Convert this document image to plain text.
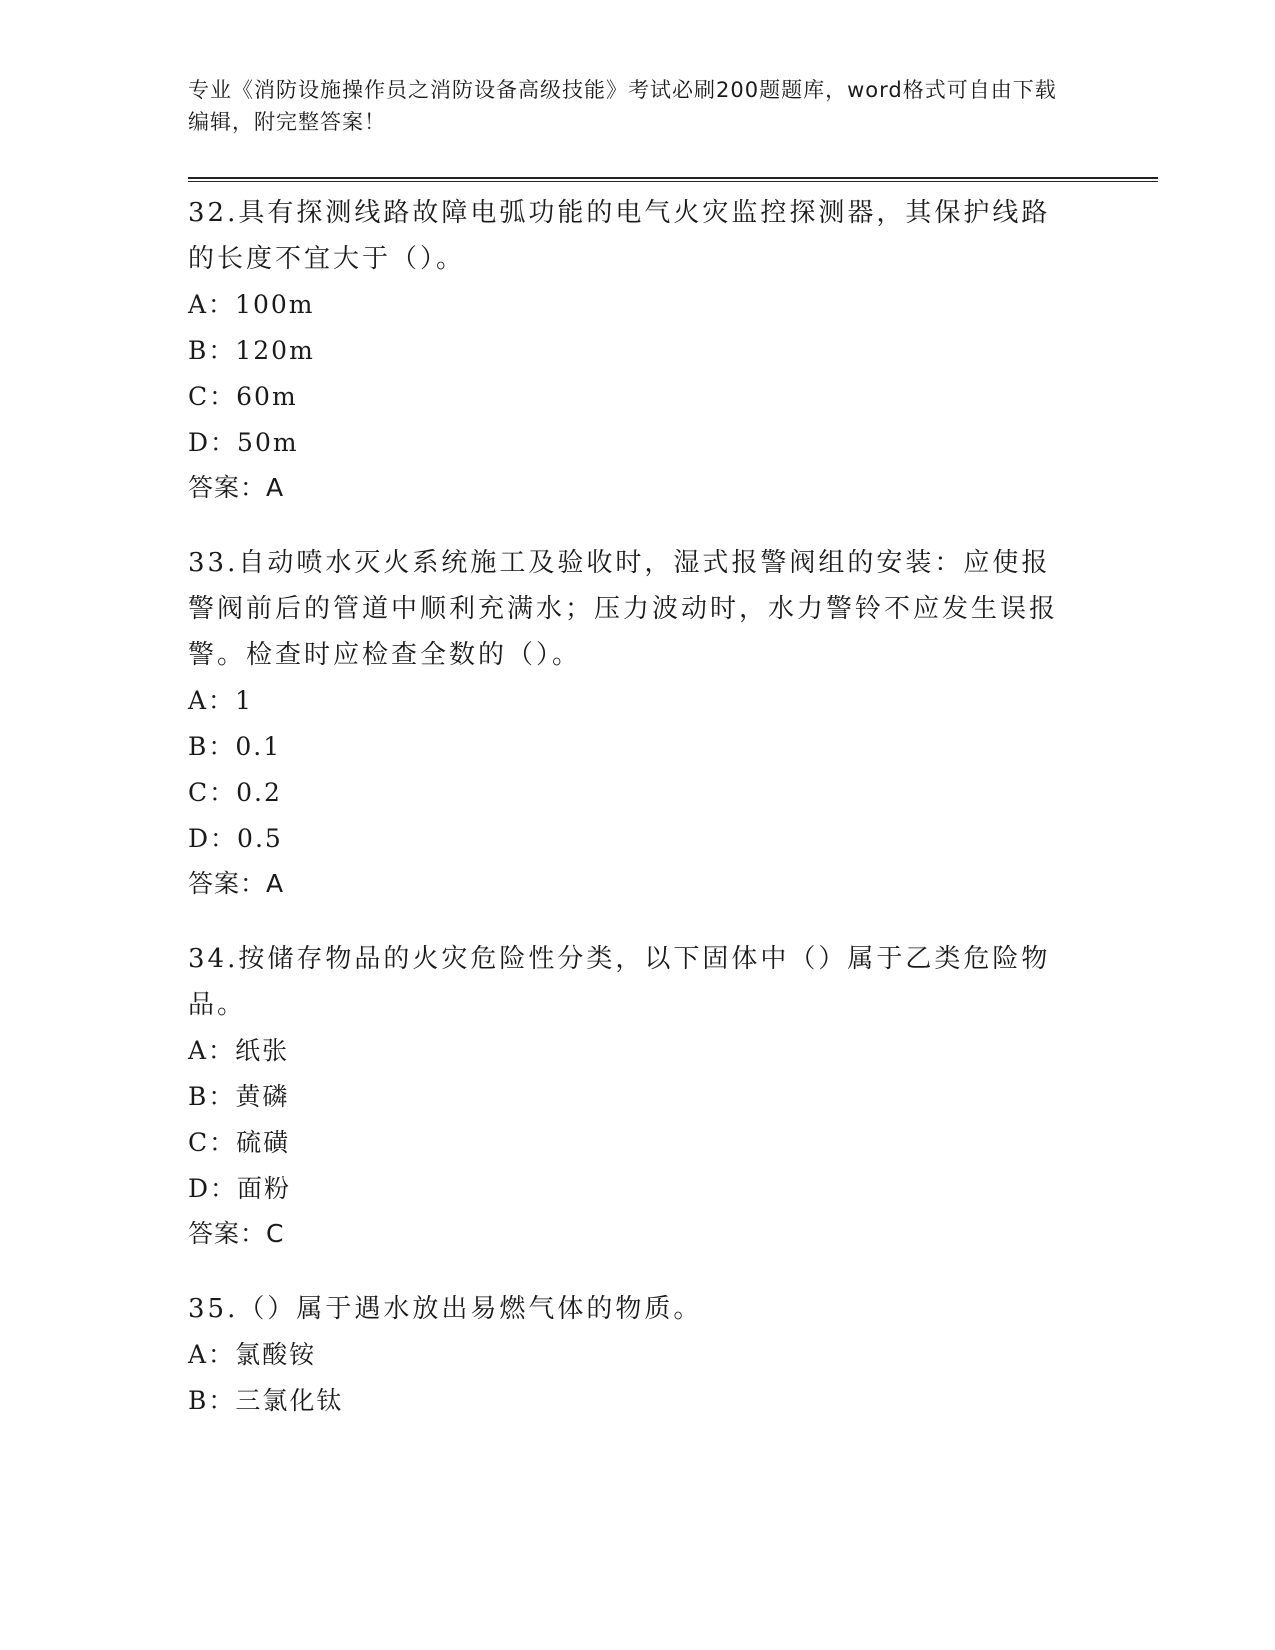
专业《消防设施操作员之消防设备高级技能》考试必刷200题题库，word格式可自由下载编辑，附完整答案！
32.具有探测线路故障电弧功能的电气火灾监控探测器，其保护线路的长度不宜大于（）。
A：100m
B：120m
C：60m
D：50m
答案：A
33.自动喷水灭火系统施工及验收时，湿式报警阀组的安装：应使报警阀前后的管道中顺利充满水；压力波动时，水力警铃不应发生误报警。检查时应检查全数的（）。
A：1
B：0.1
C：0.2
D：0.5
答案：A
34.按储存物品的火灾危险性分类，以下固体中（）属于乙类危险物品。
A：纸张
B：黄磷
C：硫磺
D：面粉
答案：C
35.（）属于遇水放出易燃气体的物质。
A：氯酸铵
B：三氯化钛
